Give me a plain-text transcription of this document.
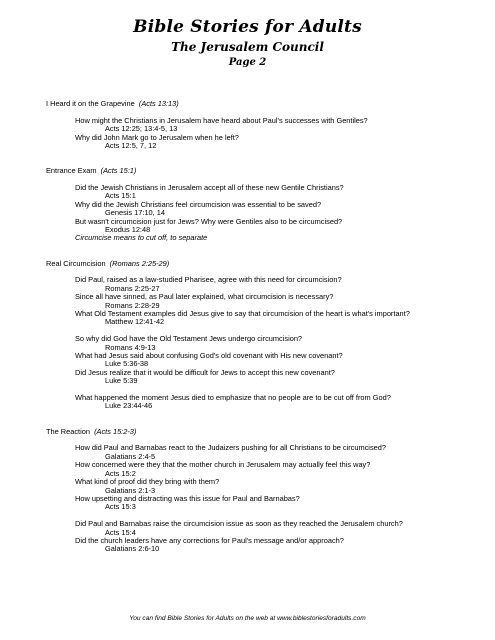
Bible Stories for Adults
The Jerusalem Council
Page 2
I Heard it on the Grapevine (Acts 13:13)
How might the Christians in Jerusalem have heard about Paul's successes with Gentiles?
Acts 12:25; 13:4-5, 13
Why did John Mark go to Jerusalem when he left?
Acts 12:5, 7, 12
Entrance Exam (Acts 15:1)
Did the Jewish Christians in Jerusalem accept all of these new Gentile Christians?
Acts 15:1
Why did the Jewish Christians feel circumcision was essential to be saved?
Genesis 17:10, 14
But wasn't circumcision just for Jews? Why were Gentiles also to be circumcised?
Exodus 12:48
Circumcise means to cut off, to separate
Real Circumcision (Romans 2:25-29)
Did Paul, raised as a law-studied Pharisee, agree with this need for circumcision?
Romans 2:25-27
Since all have sinned, as Paul later explained, what circumcision is necessary?
Romans 2:28-29
What Old Testament examples did Jesus give to say that circumcision of the heart is what's important?
Matthew 12:41-42
So why did God have the Old Testament Jews undergo circumcision?
Romans 4:9-13
What had Jesus said about confusing God's old covenant with His new covenant?
Luke 5:36-38
Did Jesus realize that it would be difficult for Jews to accept this new covenant?
Luke 5:39
What happened the moment Jesus died to emphasize that no people are to be cut off from God?
Luke 23:44-46
The Reaction (Acts 15:2-3)
How did Paul and Barnabas react to the Judaizers pushing for all Christians to be circumcised?
Galatians 2:4-5
How concerned were they that the mother church in Jerusalem may actually feel this way?
Acts 15:2
What kind of proof did they bring with them?
Galatians 2:1-3
How upsetting and distracting was this issue for Paul and Barnabas?
Acts 15:3
Did Paul and Barnabas raise the circumcision issue as soon as they reached the Jerusalem church?
Acts 15:4
Did the church leaders have any corrections for Paul's message and/or approach?
Galatians 2:6-10
You can find Bible Stories for Adults on the web at www.biblestoriesforadults.com
